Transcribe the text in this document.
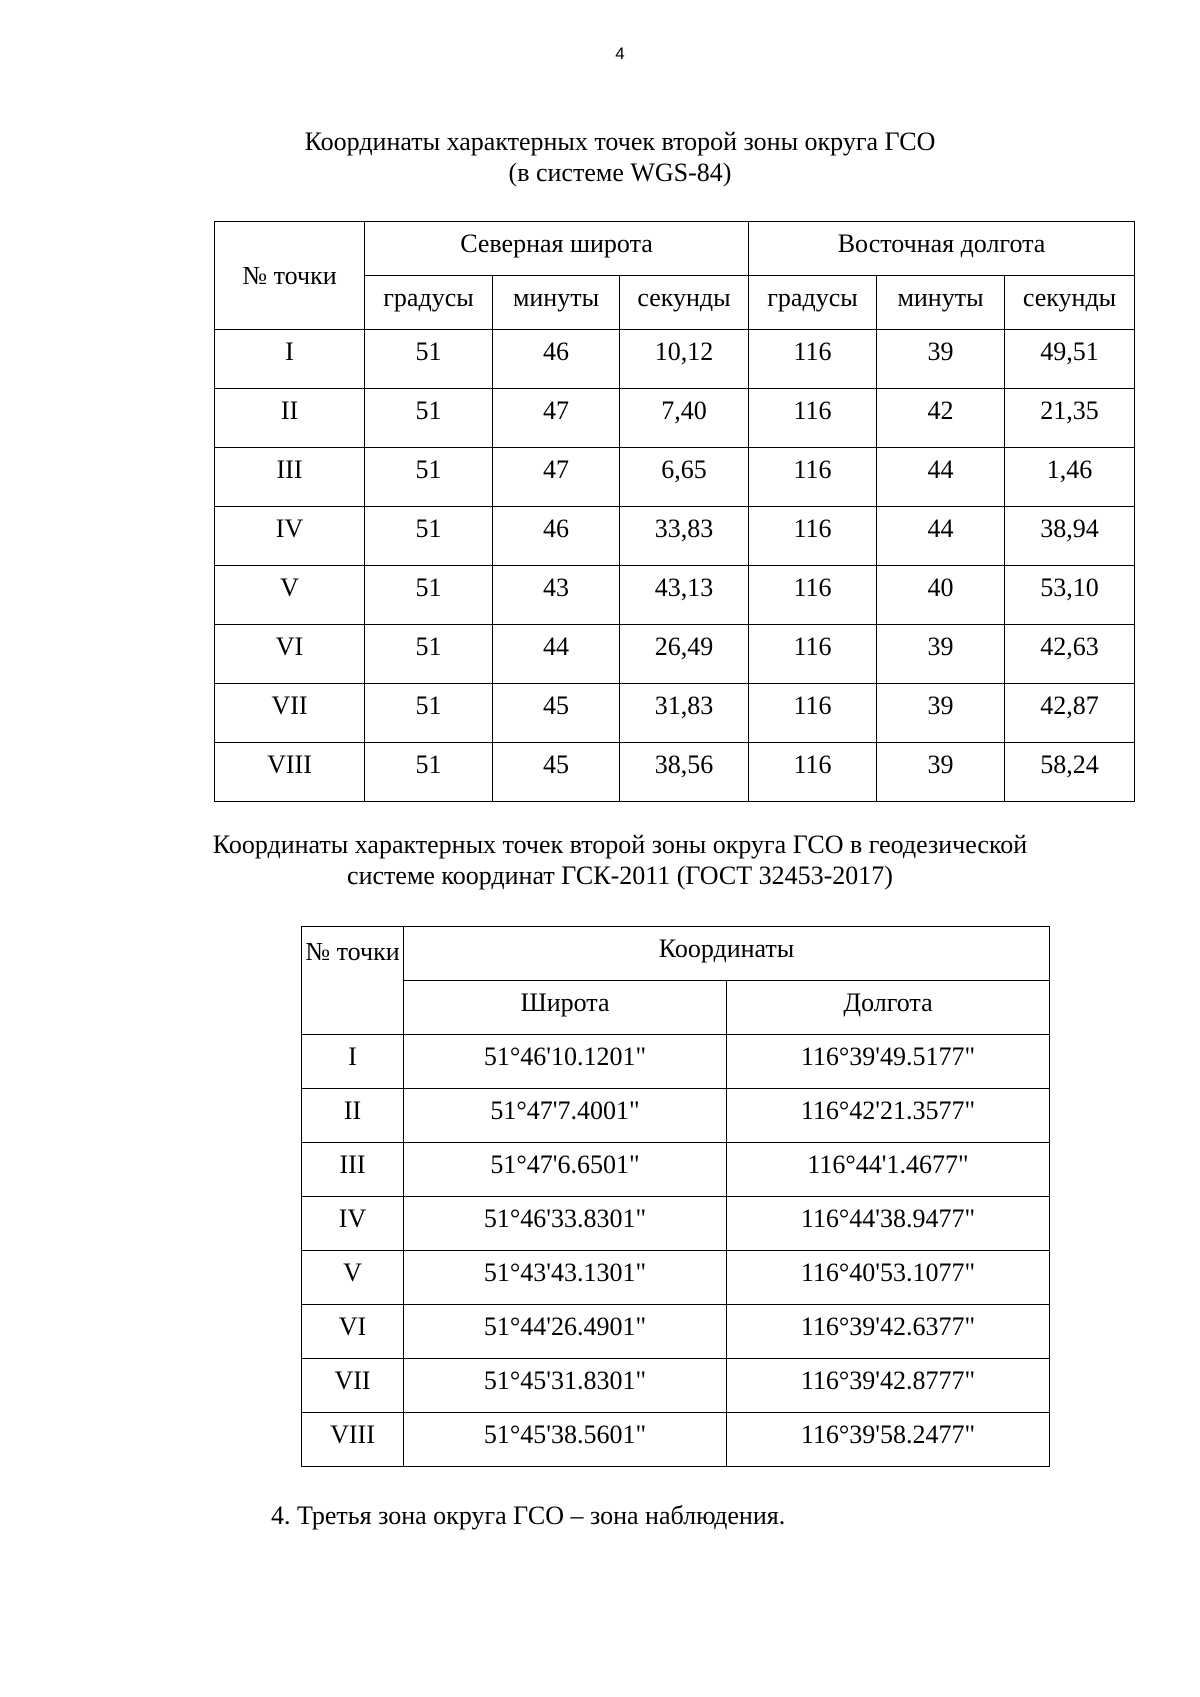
4
Координаты характерных точек второй зоны округа ГСО
(в системе WGS-84)
№ точки	Северная широта			Восточная долгота		
	градусы	минуты	секунды	градусы	минуты	секунды
I	51	46	10,12	116	39	49,51
II	51	47	7,40	116	42	21,35
III	51	47	6,65	116	44	1,46
IV	51	46	33,83	116	44	38,94
V	51	43	43,13	116	40	53,10
VI	51	44	26,49	116	39	42,63
VII	51	45	31,83	116	39	42,87
VIII	51	45	38,56	116	39	58,24
Координаты характерных точек второй зоны округа ГСО в геодезической
системе координат ГСК-2011 (ГОСТ 32453-2017)
№ точки	Координаты	
	Широта	Долгота
I	51°46'10.1201"	116°39'49.5177"
II	51°47'7.4001"	116°42'21.3577"
III	51°47'6.6501"	116°44'1.4677"
IV	51°46'33.8301"	116°44'38.9477"
V	51°43'43.1301"	116°40'53.1077"
VI	51°44'26.4901"	116°39'42.6377"
VII	51°45'31.8301"	116°39'42.8777"
VIII	51°45'38.5601"	116°39'58.2477"
4. Третья зона округа ГСО – зона наблюдения.
